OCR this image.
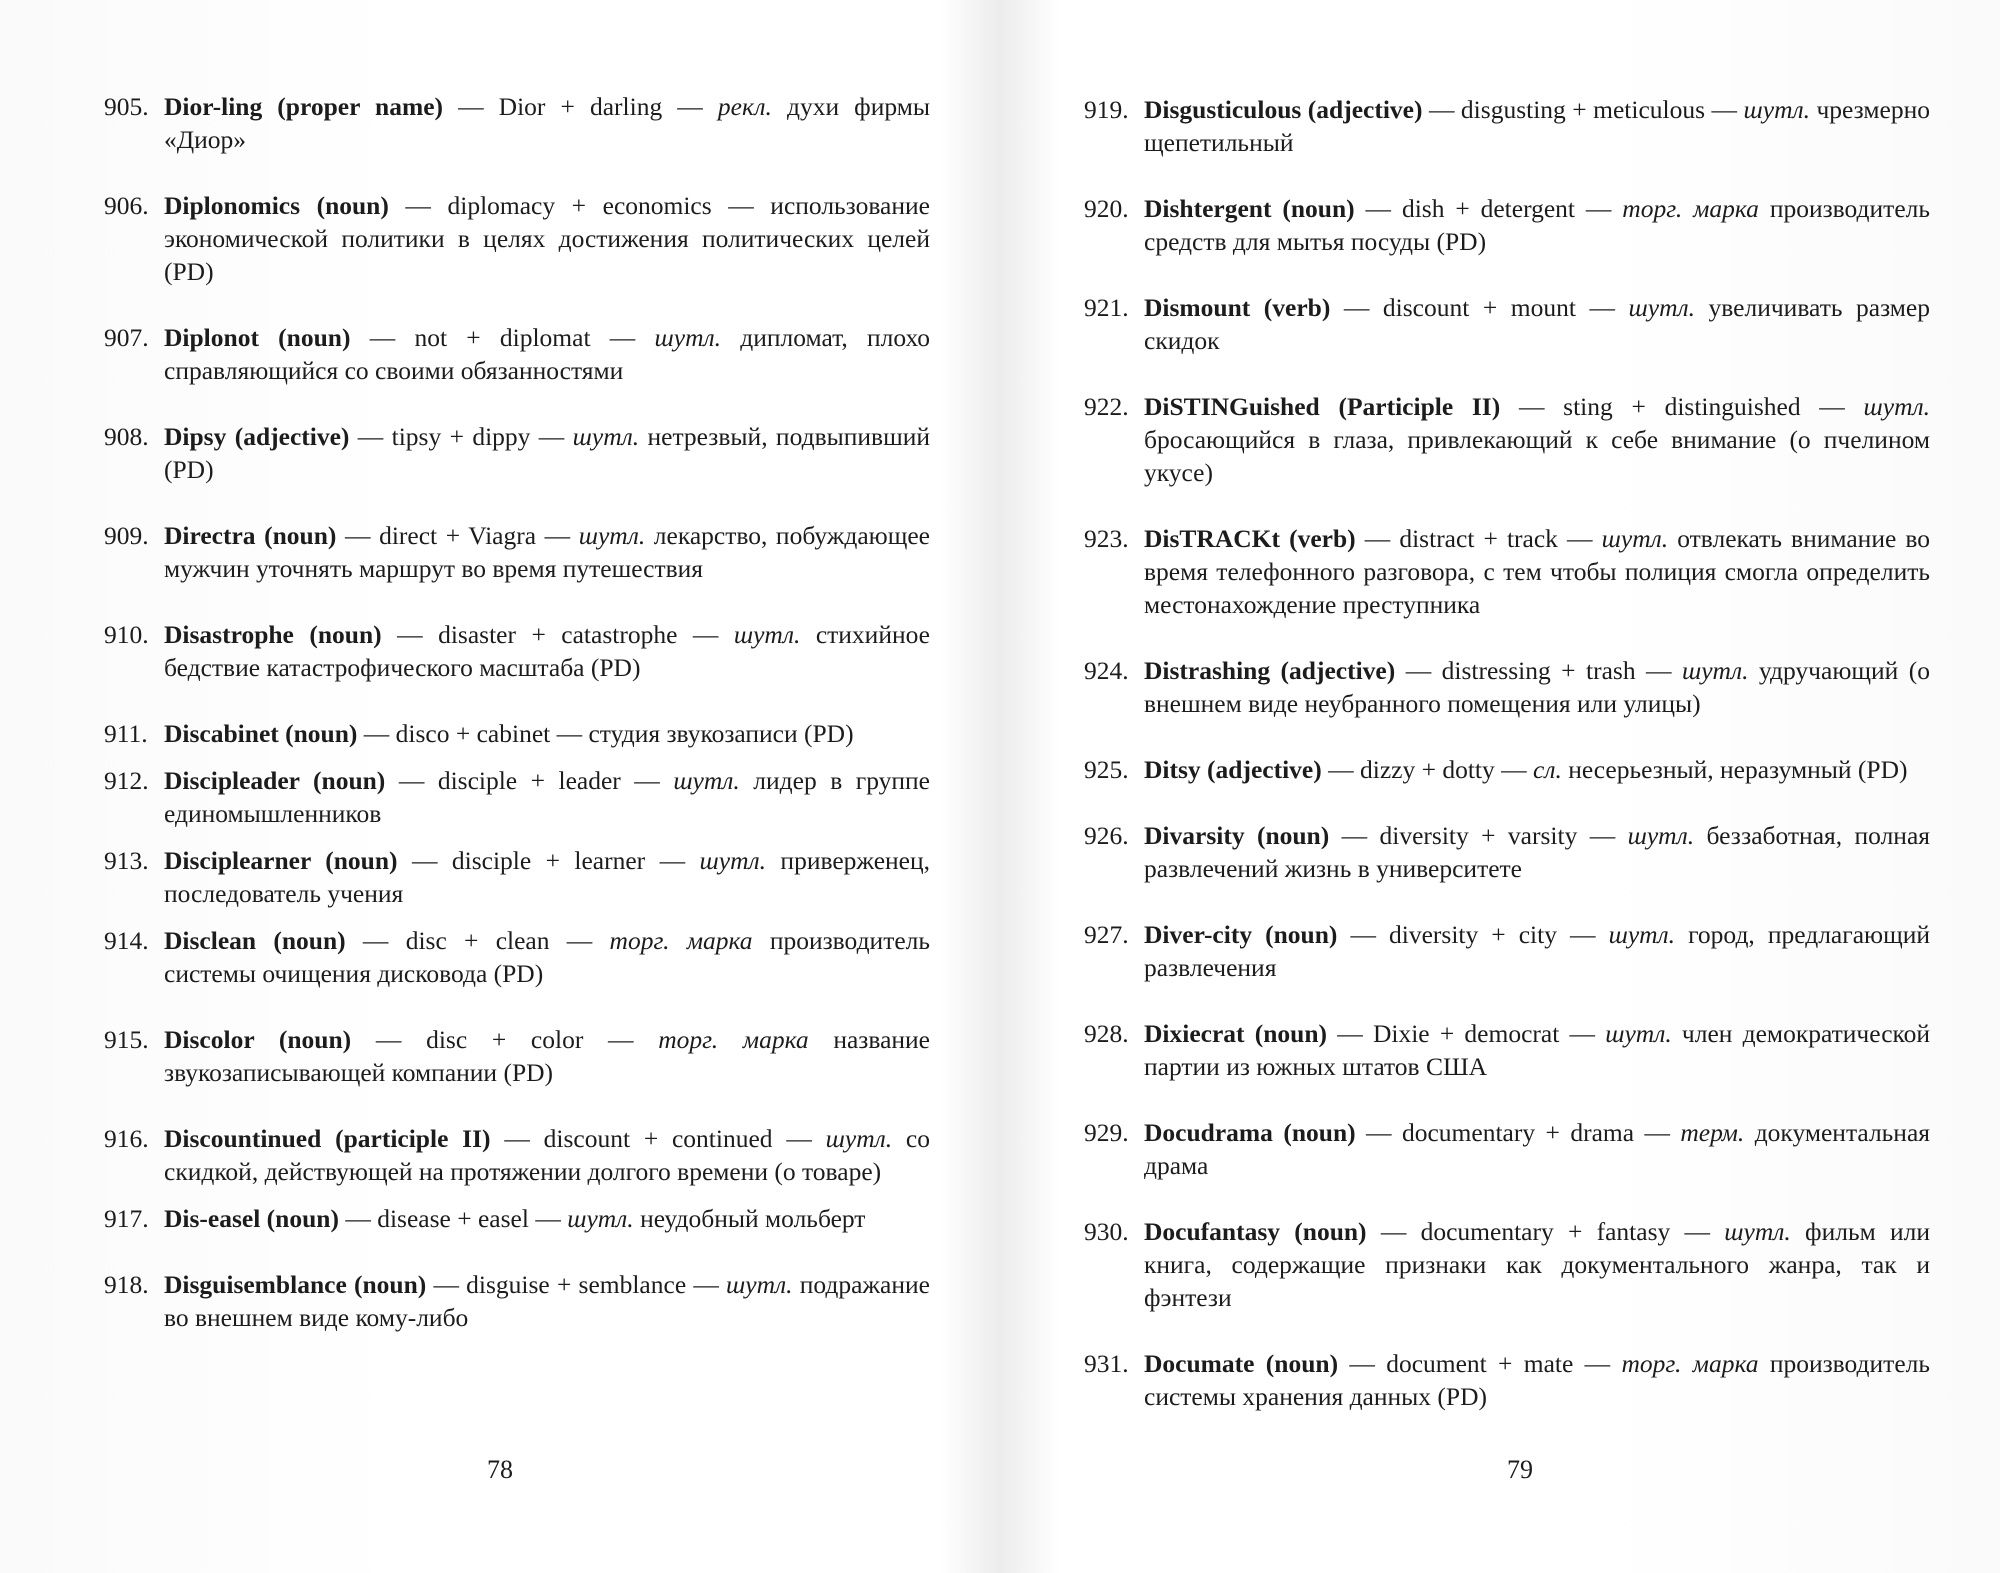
905. Dior-ling (proper name) — Dior + darling — рекл. духи фирмы «Диор»
906. Diplonomics (noun) — diplomacy + economics — использование экономической политики в целях достижения политических целей (PD)
907. Diplonot (noun) — not + diplomat — шутл. дипломат, плохо справляющийся со своими обязанностями
908. Dipsy (adjective) — tipsy + dippy — шутл. нетрезвый, подвыпивший (PD)
909. Directra (noun) — direct + Viagra — шутл. лекарство, побуждающее мужчин уточнять маршрут во время путешествия
910. Disastrophe (noun) — disaster + catastrophe — шутл. стихийное бедствие катастрофического масштаба (PD)
911. Discabinet (noun) — disco + cabinet — студия звукозаписи (PD)
912. Discipleader (noun) — disciple + leader — шутл. лидер в группе единомышленников
913. Disciplearner (noun) — disciple + learner — шутл. приверженец, последователь учения
914. Disclean (noun) — disc + clean — торг. марка производитель системы очищения дисковода (PD)
915. Discolor (noun) — disc + color — торг. марка название звукозаписывающей компании (PD)
916. Discountinued (participle II) — discount + continued — шутл. со скидкой, действующей на протяжении долгого времени (о товаре)
917. Dis-easel (noun) — disease + easel — шутл. неудобный мольберт
918. Disguisemblance (noun) — disguise + semblance — шутл. подражание во внешнем виде кому-либо
78
919. Disgusticulous (adjective) — disgusting + meticulous — шутл. чрезмерно щепетильный
920. Dishtergent (noun) — dish + detergent — торг. марка производитель средств для мытья посуды (PD)
921. Dismount (verb) — discount + mount — шутл. увеличивать размер скидок
922. DiSTINGuished (Participle II) — sting + distinguished — шутл. бросающийся в глаза, привлекающий к себе внимание (о пчелином укусе)
923. DisTRACKt (verb) — distract + track — шутл. отвлекать внимание во время телефонного разговора, с тем чтобы полиция смогла определить местонахождение преступника
924. Distrashing (adjective) — distressing + trash — шутл. удручающий (о внешнем виде неубранного помещения или улицы)
925. Ditsy (adjective) — dizzy + dotty — сл. несерьезный, неразумный (PD)
926. Divarsity (noun) — diversity + varsity — шутл. беззаботная, полная развлечений жизнь в университете
927. Diver-city (noun) — diversity + city — шутл. город, предлагающий развлечения
928. Dixiecrat (noun) — Dixie + democrat — шутл. член демократической партии из южных штатов США
929. Docudrama (noun) — documentary + drama — терм. документальная драма
930. Docufantasy (noun) — documentary + fantasy — шутл. фильм или книга, содержащие признаки как документального жанра, так и фэнтези
931. Documate (noun) — document + mate — торг. марка производитель системы хранения данных (PD)
79
